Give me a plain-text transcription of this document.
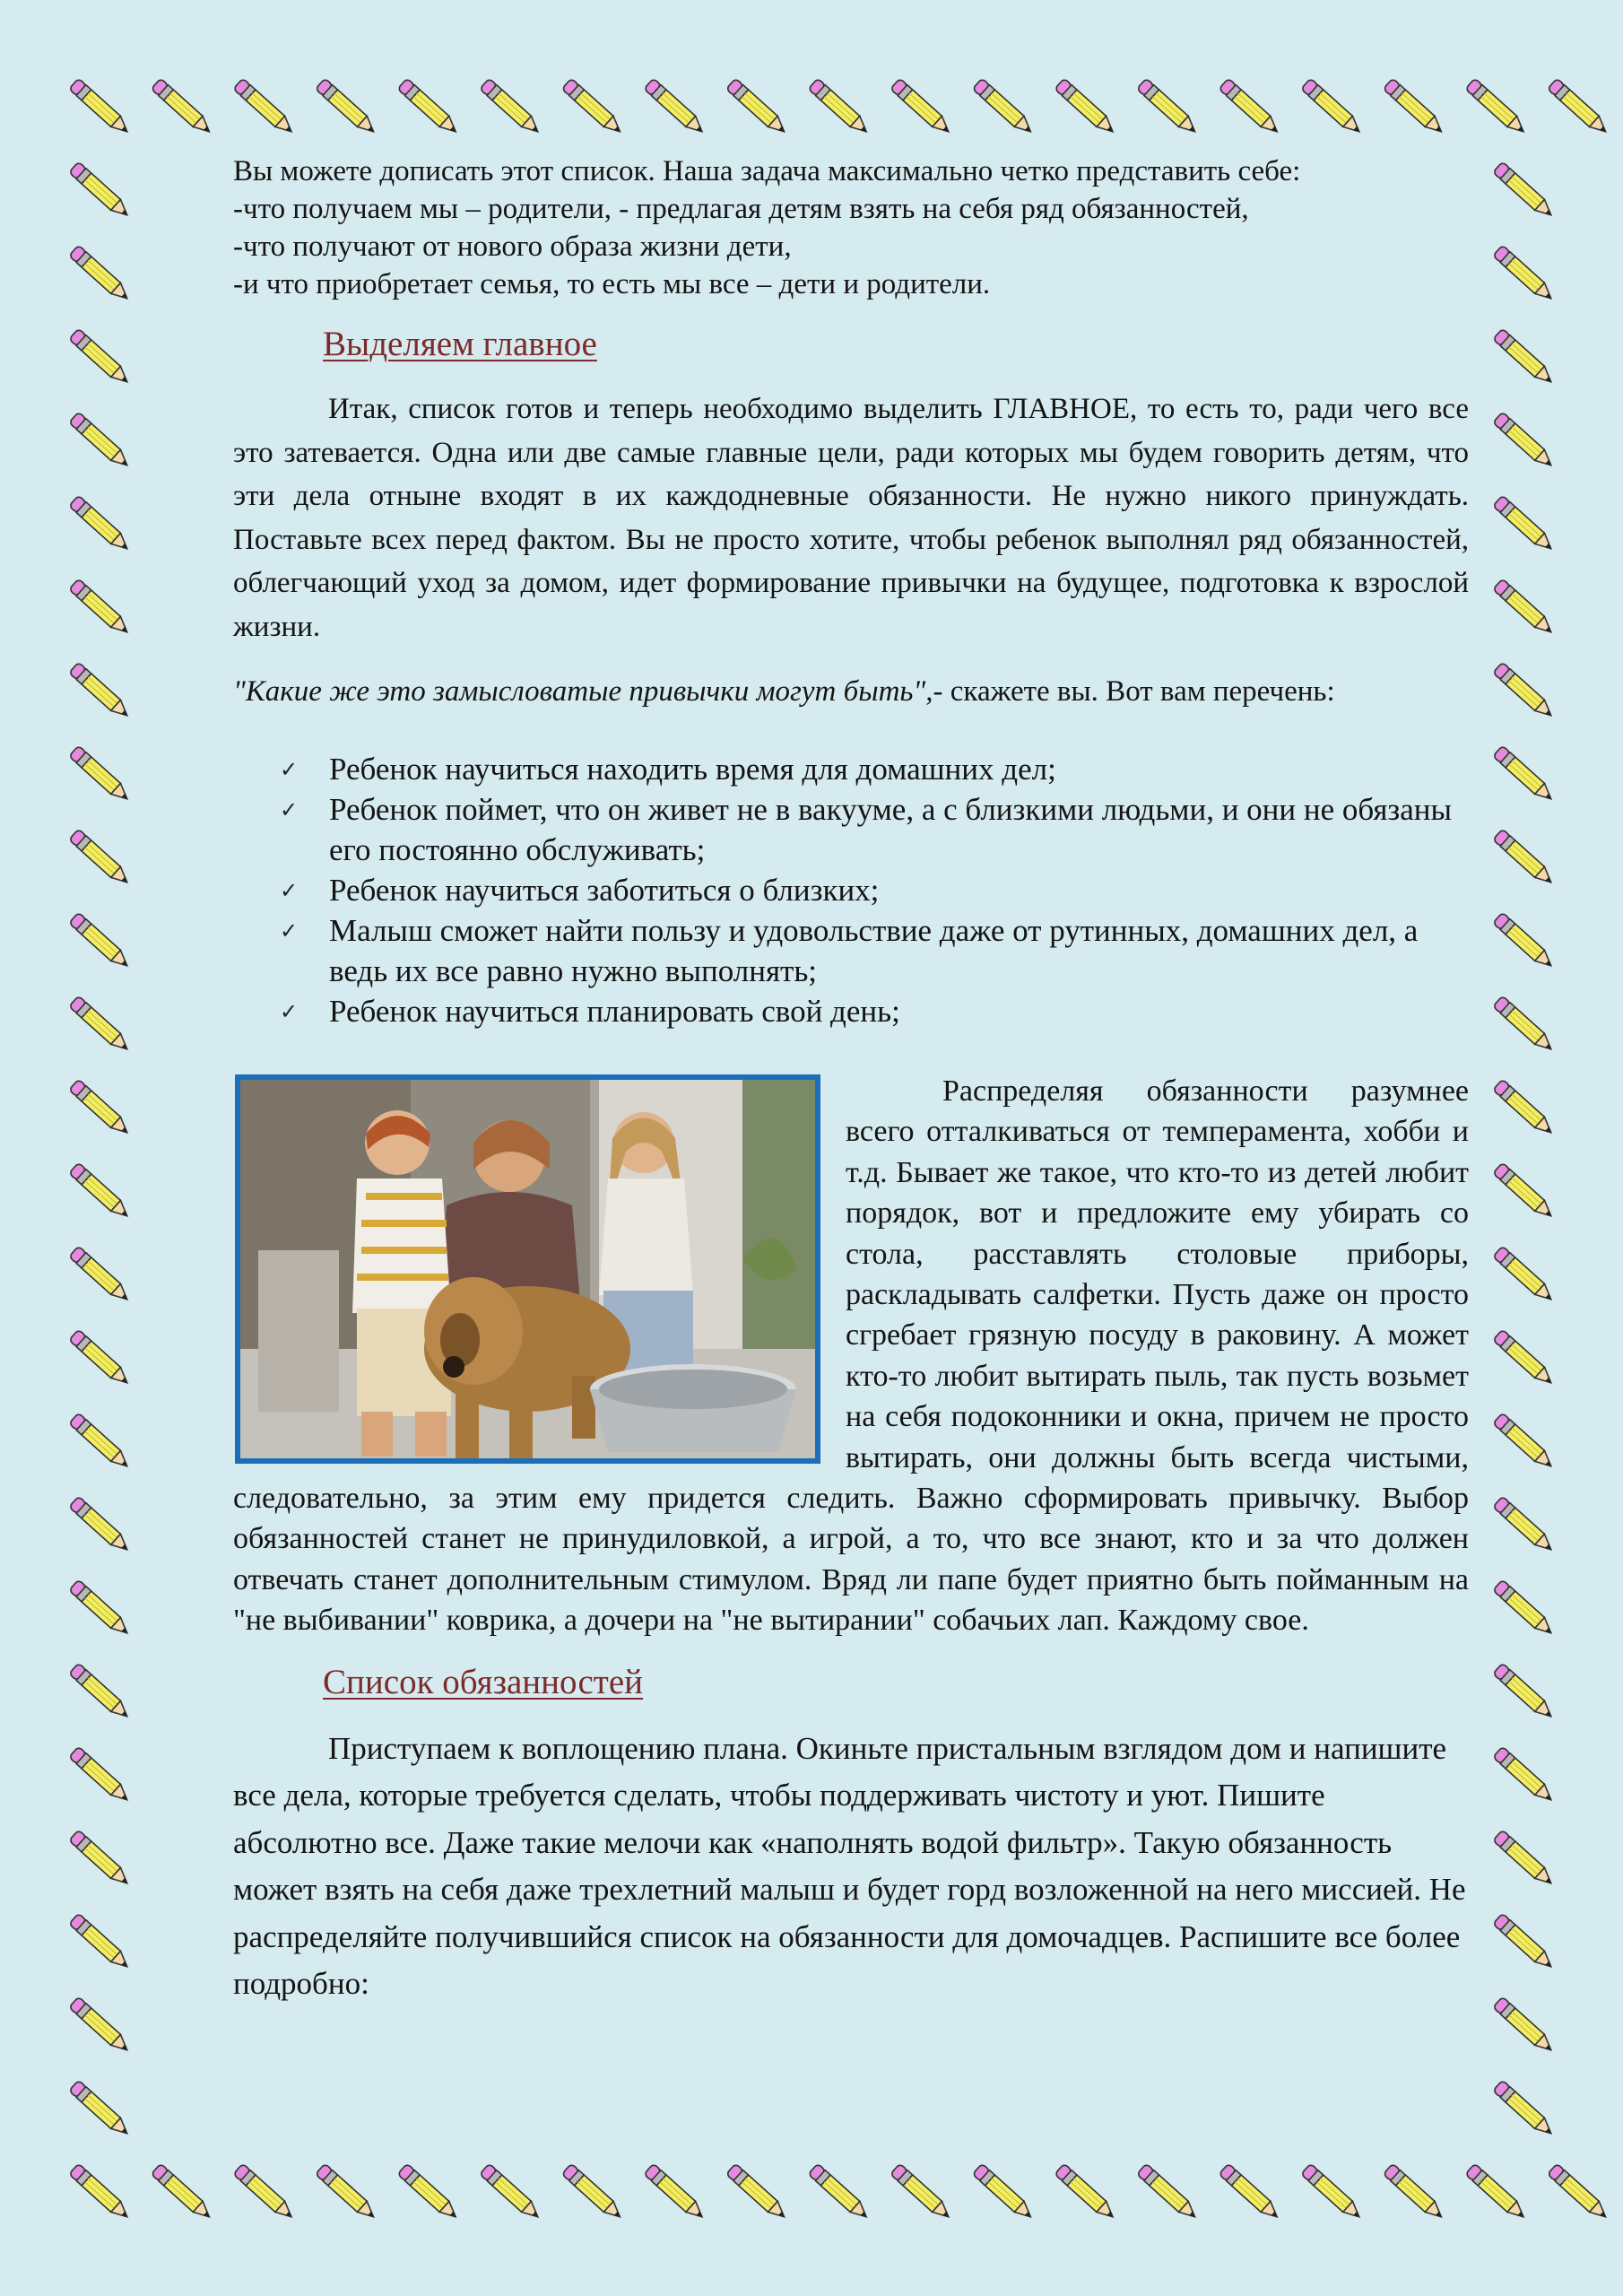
Вы можете дописать этот список. Наша задача максимально четко представить себе:

-что получаем мы – родители, - предлагая детям взять на себя ряд обязанностей,

-что получают от нового образа жизни дети,

-и что приобретает семья, то есть мы все – дети и родители.

Выделяем главное

Итак, список готов и теперь необходимо выделить ГЛАВНОЕ, то есть то, ради чего все это затевается. Одна или две самые главные цели, ради которых мы будем говорить детям, что эти дела отныне входят в их каждодневные обязанности. Не нужно никого принуждать. Поставьте всех перед фактом. Вы не просто хотите, чтобы ребенок выполнял ряд обязанностей, облегчающий уход за домом, идет формирование привычки на будущее, подготовка к взрослой жизни.

"Какие же это замысловатые привычки могут быть",- скажете вы. Вот вам перечень:

✓ Ребенок научиться находить время для домашних дел;
✓ Ребенок поймет, что он живет не в вакууме, а с близкими людьми, и они не обязаны его постоянно обслуживать;
✓ Ребенок научиться заботиться о близких;
✓ Малыш сможет найти пользу и удовольствие даже от рутинных, домашних дел, а ведь их все равно нужно выполнять;
✓ Ребенок научиться планировать свой день;

Распределяя обязанности разумнее всего отталкиваться от темперамента, хобби и т.д. Бывает же такое, что кто-то из детей любит порядок, вот и предложите ему убирать со стола, расставлять столовые приборы, раскладывать салфетки. Пусть даже он просто сгребает грязную посуду в раковину. А может кто-то любит вытирать пыль, так пусть возьмет на себя подоконники и окна, причем не просто вытирать, они должны быть всегда чистыми, следовательно, за этим ему придется следить. Важно сформировать привычку. Выбор обязанностей станет не принудиловкой, а игрой, а то, что все знают, кто и за что должен отвечать станет дополнительным стимулом. Вряд ли папе будет приятно быть пойманным на "не выбивании" коврика, а дочери на "не вытирании" собачьих лап. Каждому свое.

Список обязанностей

Приступаем к воплощению плана. Окиньте пристальным взглядом дом и напишите все дела, которые требуется сделать, чтобы поддерживать чистоту и уют. Пишите абсолютно все. Даже такие мелочи как «наполнять водой фильтр». Такую обязанность может взять на себя даже трехлетний малыш и будет горд возложенной на него миссией. Не распределяйте получившийся список на обязанности для домочадцев. Распишите все более подробно:
